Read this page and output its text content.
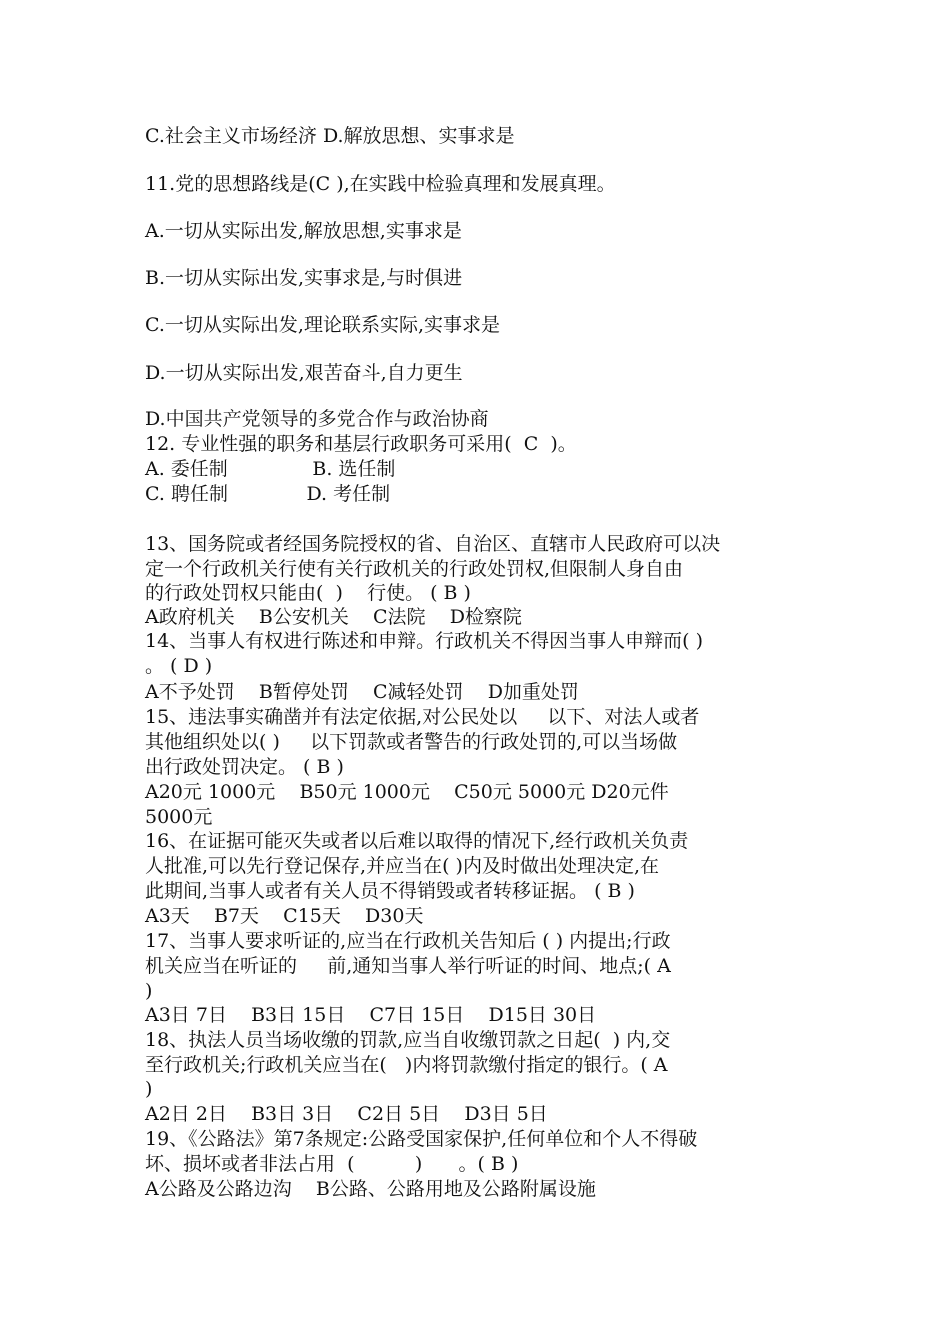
C.社会主义市场经济 D.解放思想、实事求是
11.党的思想路线是(C ),在实践中检验真理和发展真理。
A.一切从实际出发,解放思想,实事求是
B.一切从实际出发,实事求是,与时俱进
C.一切从实际出发,理论联系实际,实事求是
D.一切从实际出发,艰苦奋斗,自力更生
D.中国共产党领导的多党合作与政治协商
12. 专业性强的职务和基层行政职务可采用(  C  )。
A. 委任制              B. 选任制
C. 聘任制             D. 考任制
13、国务院或者经国务院授权的省、自治区、直辖市人民政府可以决
定一个行政机关行使有关行政机关的行政处罚权,但限制人身自由
的行政处罚权只能由(  )    行使。 ( B )
A政府机关    B公安机关    C法院    D检察院
14、当事人有权进行陈述和申辩。行政机关不得因当事人申辩而( )
。 ( D )
A不予处罚    B暂停处罚    C减轻处罚    D加重处罚
15、违法事实确凿并有法定依据,对公民处以     以下、对法人或者
其他组织处以( )     以下罚款或者警告的行政处罚的,可以当场做
出行政处罚决定。 ( B )
A20元 1000元    B50元 1000元    C50元 5000元 D20元件
5000元
16、在证据可能灭失或者以后难以取得的情况下,经行政机关负责
人批准,可以先行登记保存,并应当在( )内及时做出处理决定,在
此期间,当事人或者有关人员不得销毁或者转移证据。 ( B )
A3天    B7天    C15天    D30天
17、当事人要求听证的,应当在行政机关告知后 ( ) 内提出;行政
机关应当在听证的     前,通知当事人举行听证的时间、地点;( A
)
A3日 7日    B3日 15日    C7日 15日    D15日 30日
18、执法人员当场收缴的罚款,应当自收缴罚款之日起(  ) 内,交
至行政机关;行政机关应当在(   )内将罚款缴付指定的银行。( A
)
A2日 2日    B3日 3日    C2日 5日    D3日 5日
19、《公路法》第7条规定:公路受国家保护,任何单位和个人不得破
坏、损坏或者非法占用  (          )      。( B )
A公路及公路边沟    B公路、公路用地及公路附属设施
